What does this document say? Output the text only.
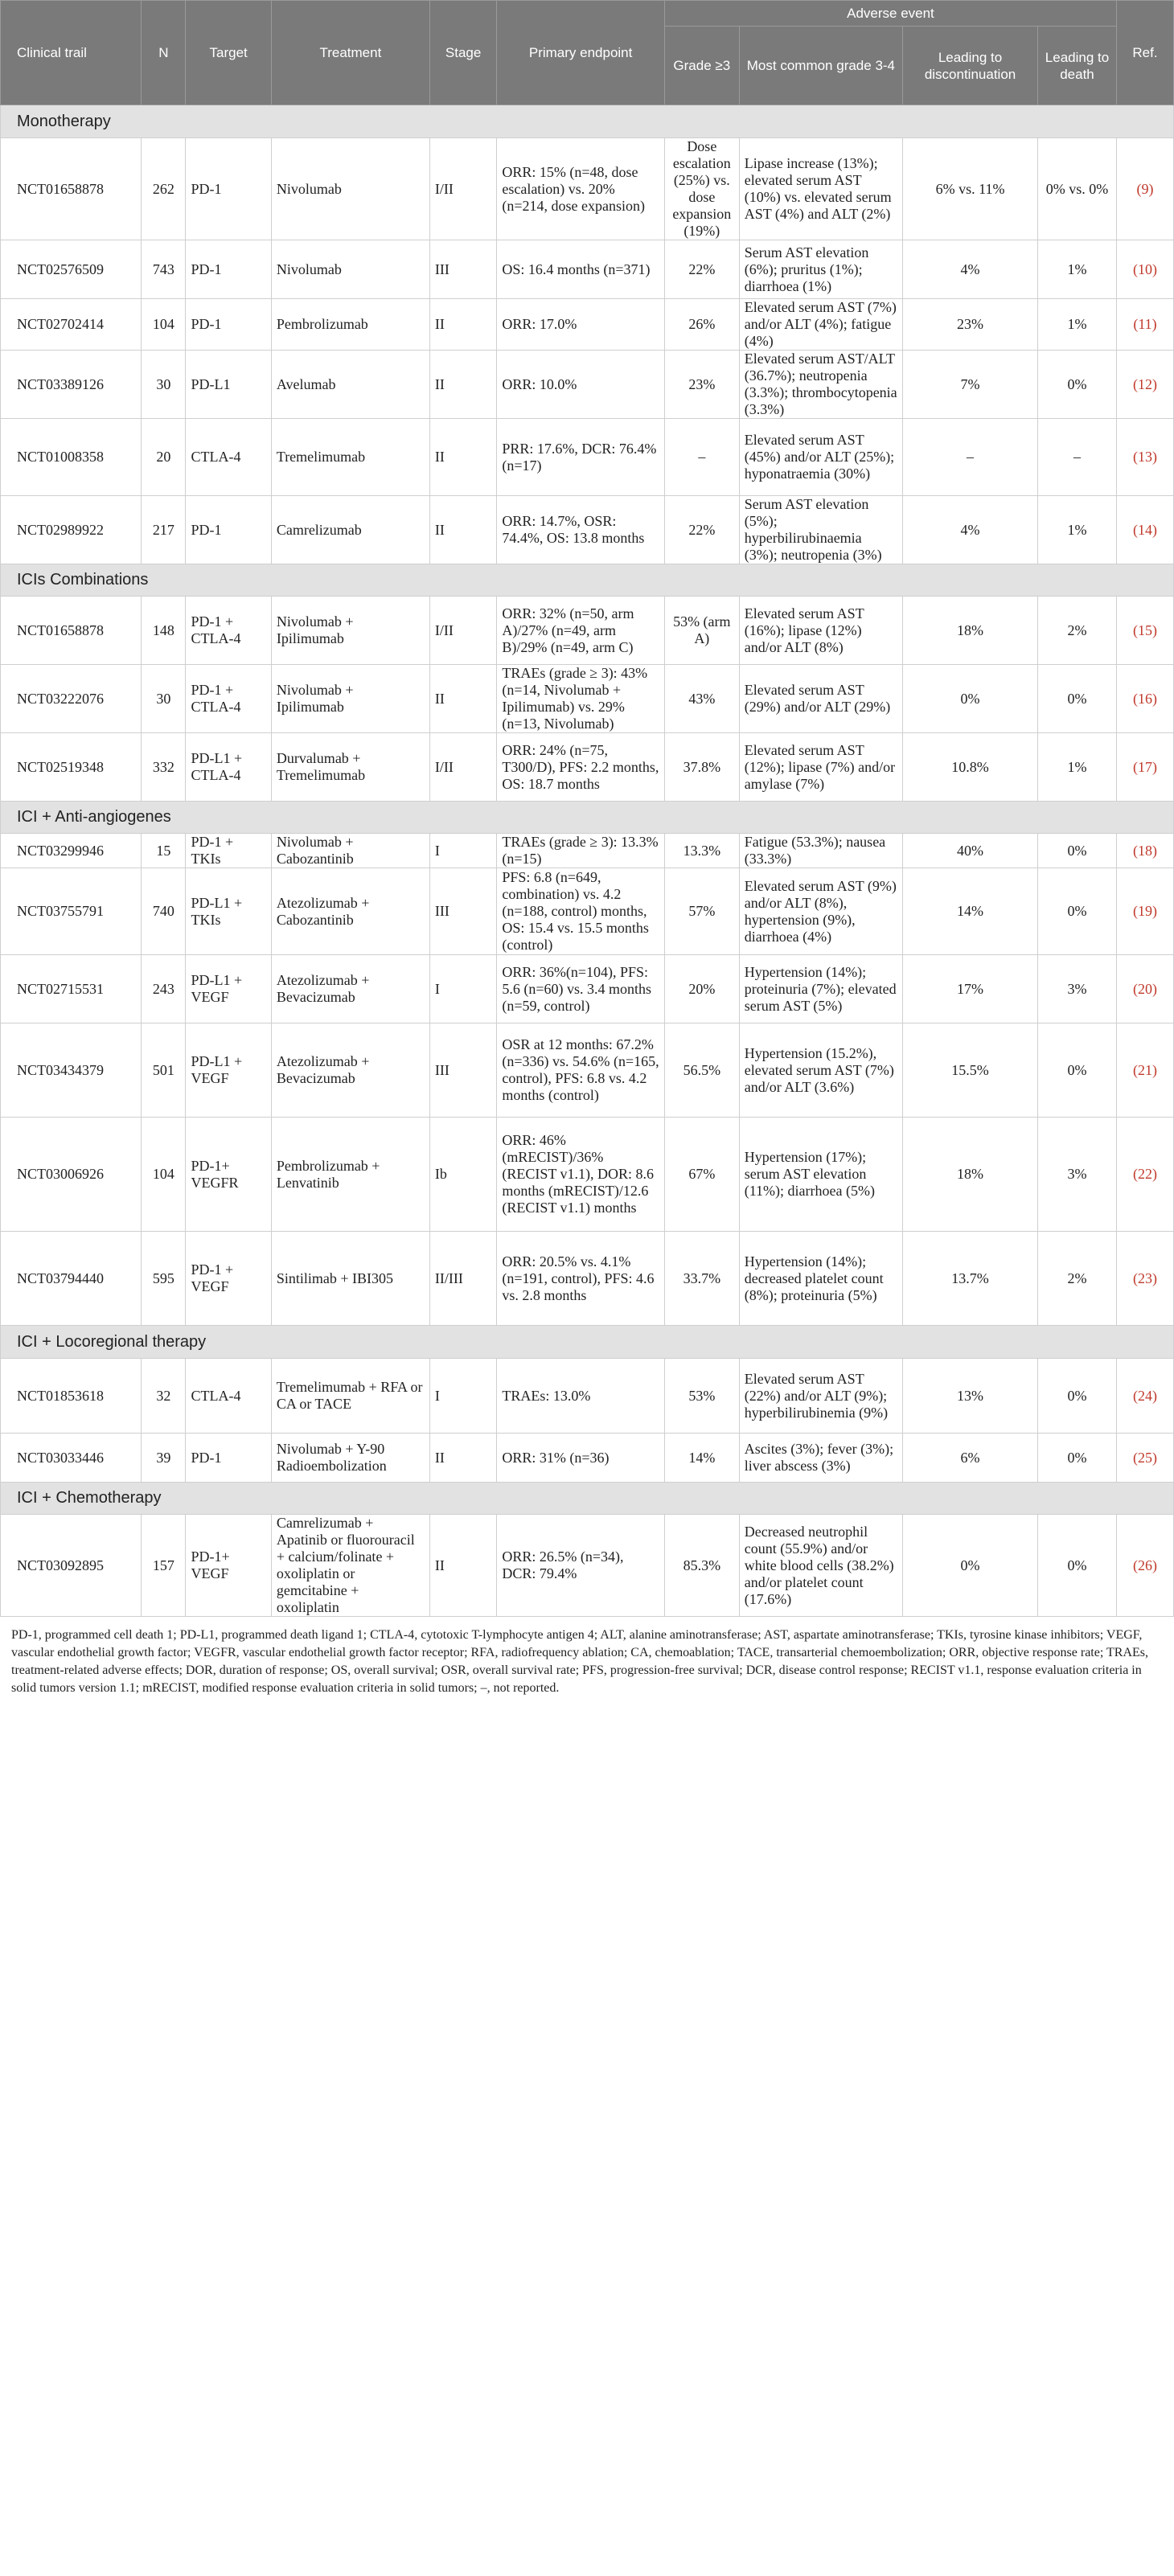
Clinical trail	N	Target	Treatment	Stage	Primary endpoint	Adverse event				Ref.
						Grade ≥3	Most common grade 3-4	Leading to discontinuation	Leading to death	
Monotherapy										
NCT01658878	262	PD-1	Nivolumab	I/II	ORR: 15% (n=48, dose escalation) vs. 20% (n=214, dose expansion)	Dose escalation (25%) vs. dose expansion (19%)	Lipase increase (13%); elevated serum AST (10%) vs. elevated serum AST (4%) and ALT (2%)	6% vs. 11%	0% vs. 0%	(9)
NCT02576509	743	PD-1	Nivolumab	III	OS: 16.4 months (n=371)	22%	Serum AST elevation (6%); pruritus (1%); diarrhoea (1%)	4%	1%	(10)
NCT02702414	104	PD-1	Pembrolizumab	II	ORR: 17.0%	26%	Elevated serum AST (7%) and/or ALT (4%); fatigue (4%)	23%	1%	(11)
NCT03389126	30	PD-L1	Avelumab	II	ORR: 10.0%	23%	Elevated serum AST/ALT (36.7%); neutropenia (3.3%); thrombocytopenia (3.3%)	7%	0%	(12)
NCT01008358	20	CTLA-4	Tremelimumab	II	PRR: 17.6%, DCR: 76.4% (n=17)	–	Elevated serum AST (45%) and/or ALT (25%); hyponatraemia (30%)	–	–	(13)
NCT02989922	217	PD-1	Camrelizumab	II	ORR: 14.7%, OSR: 74.4%, OS: 13.8 months	22%	Serum AST elevation (5%); hyperbilirubinaemia (3%); neutropenia (3%)	4%	1%	(14)
ICIs Combinations										
NCT01658878	148	PD-1 + CTLA-4	Nivolumab + Ipilimumab	I/II	ORR: 32% (n=50, arm A)/27% (n=49, arm B)/29% (n=49, arm C)	53% (arm A)	Elevated serum AST (16%); lipase (12%) and/or ALT (8%)	18%	2%	(15)
NCT03222076	30	PD-1 + CTLA-4	Nivolumab + Ipilimumab	II	TRAEs (grade ≥ 3): 43% (n=14, Nivolumab + Ipilimumab) vs. 29% (n=13, Nivolumab)	43%	Elevated serum AST (29%) and/or ALT (29%)	0%	0%	(16)
NCT02519348	332	PD-L1 + CTLA-4	Durvalumab + Tremelimumab	I/II	ORR: 24% (n=75, T300/D), PFS: 2.2 months, OS: 18.7 months	37.8%	Elevated serum AST (12%); lipase (7%) and/or amylase (7%)	10.8%	1%	(17)
ICI + Anti-angiogenes										
NCT03299946	15	PD-1 + TKIs	Nivolumab + Cabozantinib	I	TRAEs (grade ≥ 3): 13.3% (n=15)	13.3%	Fatigue (53.3%); nausea (33.3%)	40%	0%	(18)
NCT03755791	740	PD-L1 + TKIs	Atezolizumab + Cabozantinib	III	PFS: 6.8 (n=649, combination) vs. 4.2 (n=188, control) months, OS: 15.4 vs. 15.5 months (control)	57%	Elevated serum AST (9%) and/or ALT (8%), hypertension (9%), diarrhoea (4%)	14%	0%	(19)
NCT02715531	243	PD-L1 + VEGF	Atezolizumab + Bevacizumab	I	ORR: 36%(n=104), PFS: 5.6 (n=60) vs. 3.4 months (n=59, control)	20%	Hypertension (14%); proteinuria (7%); elevated serum AST (5%)	17%	3%	(20)
NCT03434379	501	PD-L1 + VEGF	Atezolizumab + Bevacizumab	III	OSR at 12 months: 67.2% (n=336) vs. 54.6% (n=165, control), PFS: 6.8 vs. 4.2 months (control)	56.5%	Hypertension (15.2%), elevated serum AST (7%) and/or ALT (3.6%)	15.5%	0%	(21)
NCT03006926	104	PD-1+ VEGFR	Pembrolizumab + Lenvatinib	Ib	ORR: 46% (mRECIST)/36% (RECIST v1.1), DOR: 8.6 months (mRECIST)/12.6 (RECIST v1.1) months	67%	Hypertension (17%); serum AST elevation (11%); diarrhoea (5%)	18%	3%	(22)
NCT03794440	595	PD-1 + VEGF	Sintilimab + IBI305	II/III	ORR: 20.5% vs. 4.1% (n=191, control), PFS: 4.6 vs. 2.8 months	33.7%	Hypertension (14%); decreased platelet count (8%); proteinuria (5%)	13.7%	2%	(23)
ICI + Locoregional therapy										
NCT01853618	32	CTLA-4	Tremelimumab + RFA or CA or TACE	I	TRAEs: 13.0%	53%	Elevated serum AST (22%) and/or ALT (9%); hyperbilirubinemia (9%)	13%	0%	(24)
NCT03033446	39	PD-1	Nivolumab + Y-90 Radioembolization	II	ORR: 31% (n=36)	14%	Ascites (3%); fever (3%); liver abscess (3%)	6%	0%	(25)
ICI + Chemotherapy										
NCT03092895	157	PD-1+ VEGF	Camrelizumab + Apatinib or fluorouracil + calcium/folinate + oxoliplatin or gemcitabine + oxoliplatin	II	ORR: 26.5% (n=34), DCR: 79.4%	85.3%	Decreased neutrophil count (55.9%) and/or white blood cells (38.2%) and/or platelet count (17.6%)	0%	0%	(26)
PD-1, programmed cell death 1; PD-L1, programmed death ligand 1; CTLA-4, cytotoxic T-lymphocyte antigen 4; ALT, alanine aminotransferase; AST, aspartate aminotransferase; TKIs, tyrosine kinase inhibitors; VEGF, vascular endothelial growth factor; VEGFR, vascular endothelial growth factor receptor; RFA, radiofrequency ablation; CA, chemoablation; TACE, transarterial chemoembolization; ORR, objective response rate; TRAEs, treatment-related adverse effects; DOR, duration of response; OS, overall survival; OSR, overall survival rate; PFS, progression-free survival; DCR, disease control response; RECIST v1.1, response evaluation criteria in solid tumors version 1.1; mRECIST, modified response evaluation criteria in solid tumors; –, not reported.
